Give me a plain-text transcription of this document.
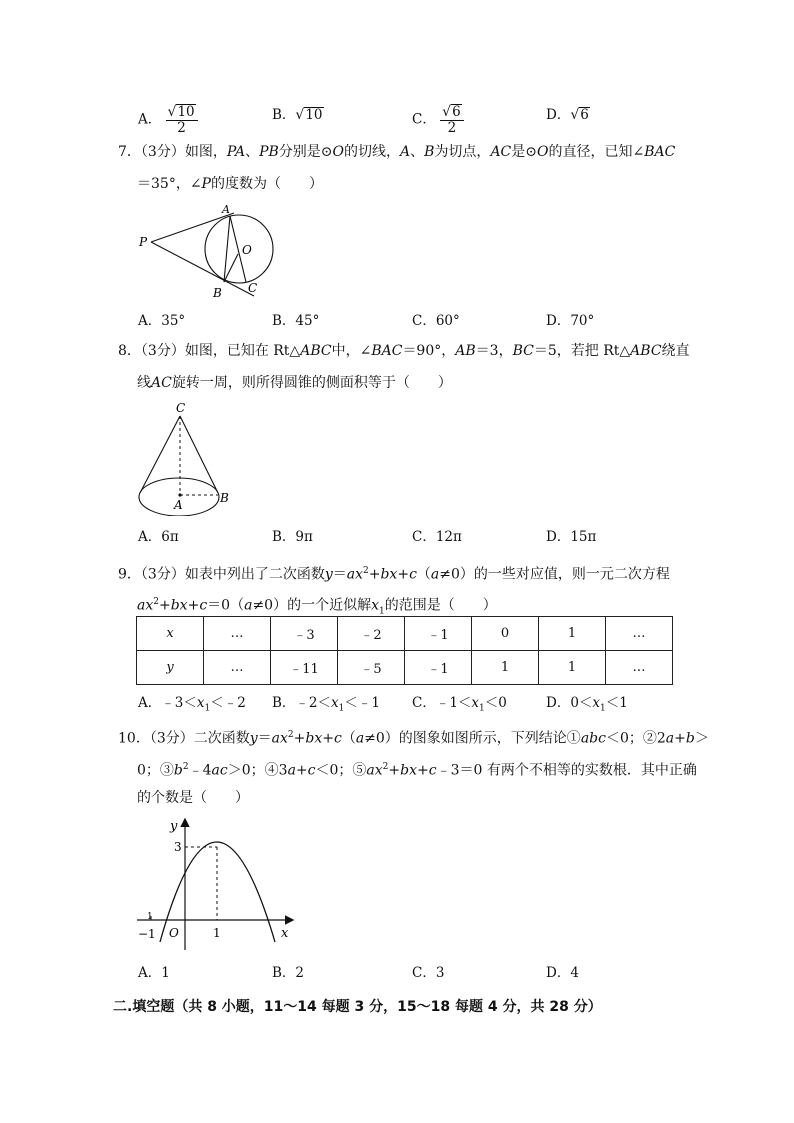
A． $\frac{√ 10}{2}$	B． √ 10	C． $\frac{√ 6}{2}$	D． √ 6
7．（3分）如图，PA、PB分别是⊙O的切线，A、B为切点，AC是⊙O的直径，已知∠BAC
＝35°，∠P的度数为（　　）
P
A
O
B C
A．35°	B．45°	C．60°	D．70°
8．（3分）如图，已知在 Rt△ABC中，∠BAC＝90°，AB＝3，BC＝5，若把 Rt△ABC绕直
线AC旋转一周，则所得圆锥的侧面积等于（　　）
C
A	B
A．6π	B．9π	C．12π	D．15π
9．（3分）如表中列出了二次函数$y=ax^2+bx+c(a\ne 0)$的一些对应值，则一元二次方程
$ax^2+bx+c=0(a\ne 0)$的一个近似解$x_1$的范围是（　　）
x	…	﹣3	﹣2	﹣1	0	1	…
y	…	﹣11	﹣5	﹣1	1	1	…
A．$﹣3<x_1<﹣2$ B．$﹣2<x_1<﹣1$ C．$﹣1<x_1<0$	D．$0<x_1<1$
10．（3分）二次函数$y=ax^2+bx+c(a\ne 0)$的图象如图所示，下列结论①abc＜0；②2a+b＞
0；$③b^2﹣4ac>0$；④3a+c＜0；$⑤ax^2+bx+c﹣3=0$ 有两个不相等的实数根．其中正确
的个数是（　　）
y
3
1
−1 O	1	x
A．1	B．2	C．3	D．4
二.填空题（共 8 小题，11～14 每题 3 分，15～18 每题 4 分，共 28 分）
